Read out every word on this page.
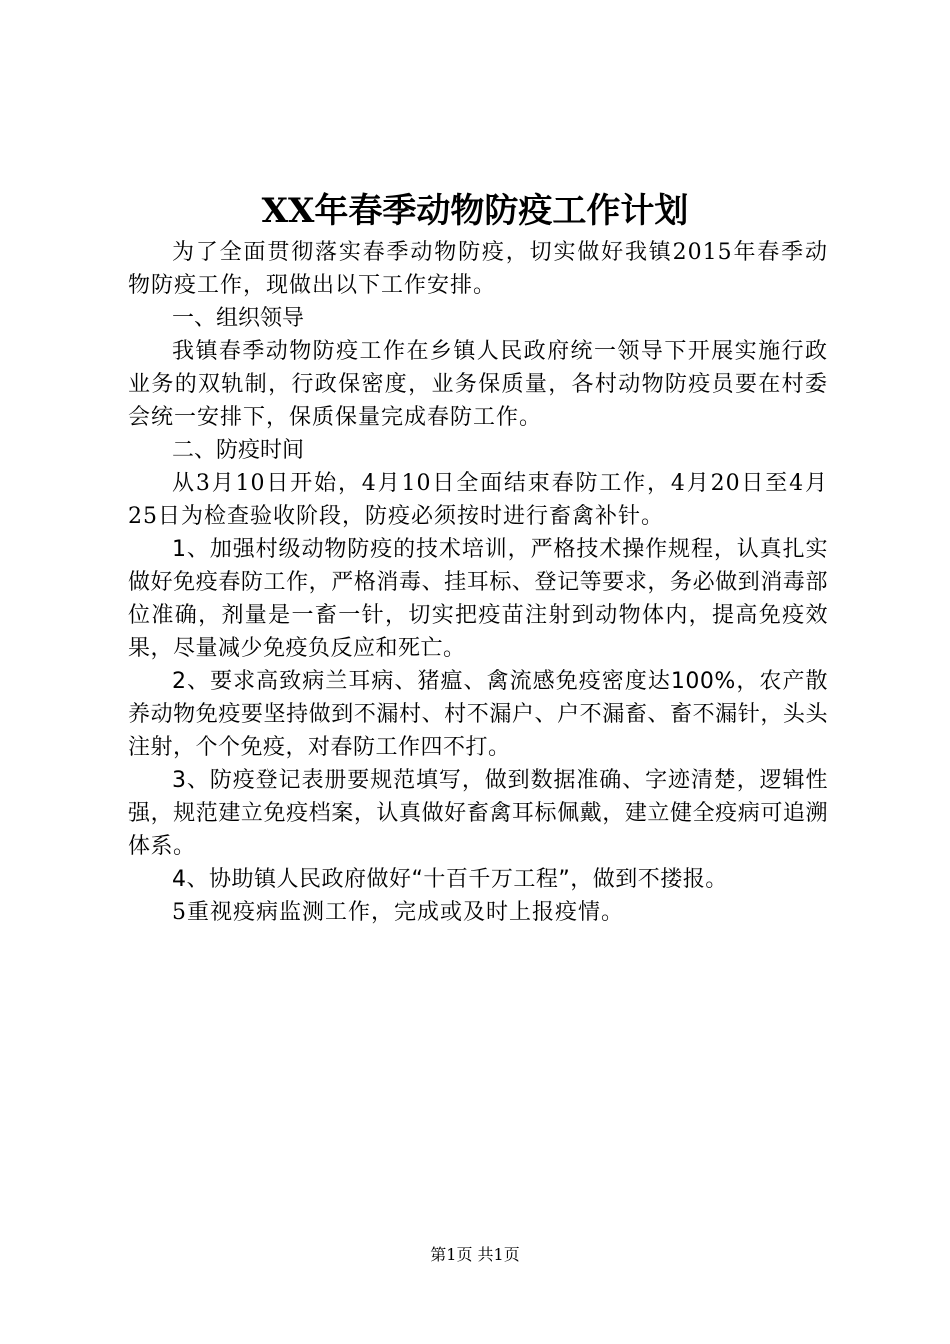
XX年春季动物防疫工作计划

为了全面贯彻落实春季动物防疫，切实做好我镇2015年春季动物防疫工作，现做出以下工作安排。

一、组织领导

我镇春季动物防疫工作在乡镇人民政府统一领导下开展实施行政业务的双轨制，行政保密度，业务保质量，各村动物防疫员要在村委会统一安排下，保质保量完成春防工作。

二、防疫时间

从3月10日开始，4月10日全面结束春防工作，4月20日至4月25日为检查验收阶段，防疫必须按时进行畜禽补针。

1、加强村级动物防疫的技术培训，严格技术操作规程，认真扎实做好免疫春防工作，严格消毒、挂耳标、登记等要求，务必做到消毒部位准确，剂量是一畜一针，切实把疫苗注射到动物体内，提高免疫效果，尽量减少免疫负反应和死亡。

2、要求高致病兰耳病、猪瘟、禽流感免疫密度达100%，农产散养动物免疫要坚持做到不漏村、村不漏户、户不漏畜、畜不漏针，头头注射，个个免疫，对春防工作四不打。

3、防疫登记表册要规范填写，做到数据准确、字迹清楚，逻辑性强，规范建立免疫档案，认真做好畜禽耳标佩戴，建立健全疫病可追溯体系。

4、协助镇人民政府做好“十百千万工程”，做到不搂报。

5重视疫病监测工作，完成或及时上报疫情。

第1页 共1页
